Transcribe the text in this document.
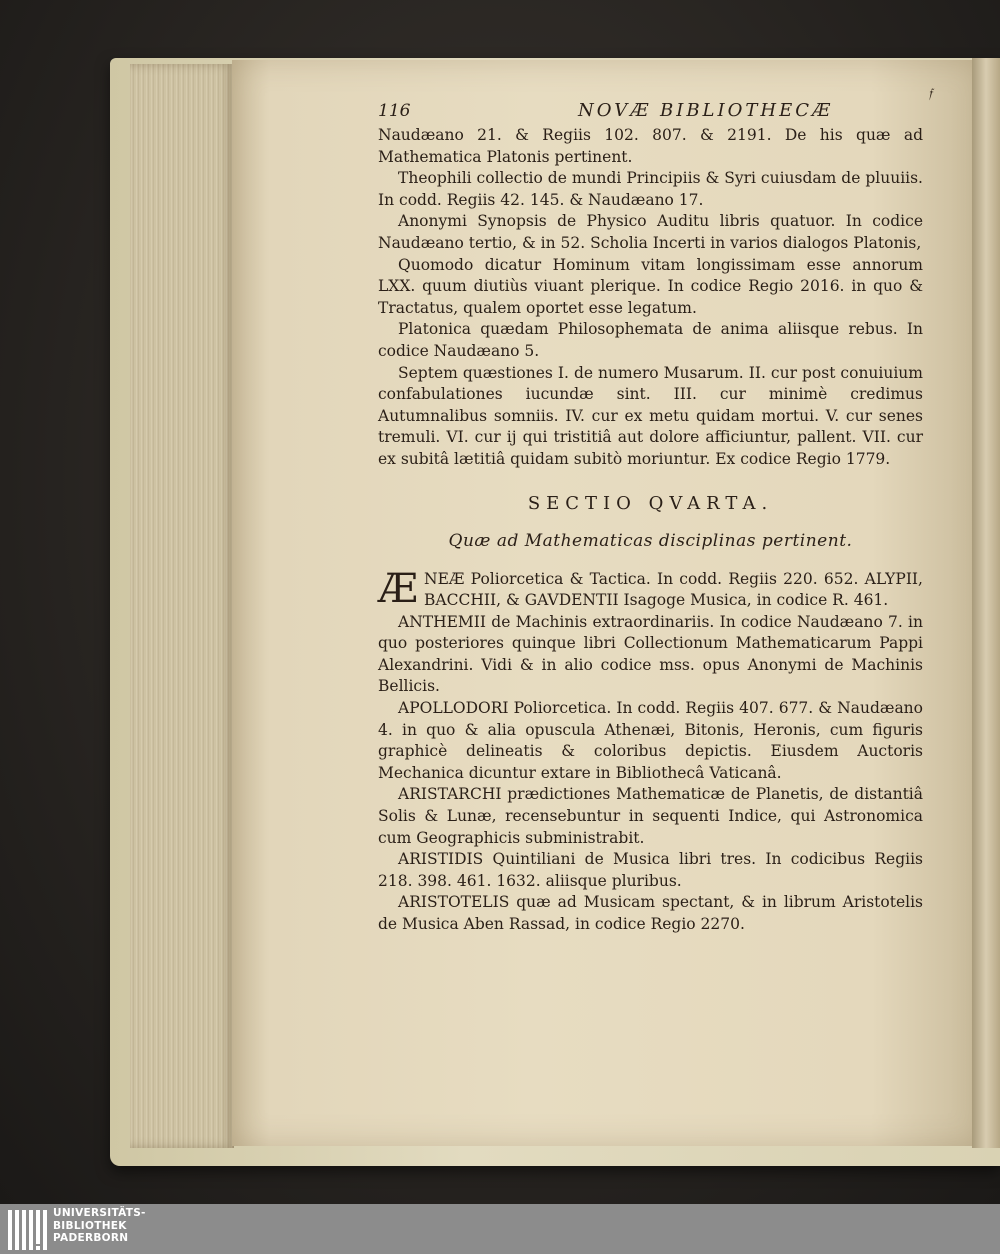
𝔣
116	NOVÆ BIBLIOTHECÆ

Naudæano 21. & Regiis 102. 807. & 2191. De his quæ ad Mathematica Platonis pertinent.

Theophili collectio de mundi Principiis & Syri cuiusdam de pluuiis. In codd. Regiis 42. 145. & Naudæano 17.

Anonymi Synopsis de Physico Auditu libris quatuor. In codice Naudæano tertio, & in 52. Scholia Incerti in varios dialogos Platonis,

Quomodo dicatur Hominum vitam longissimam esse annorum LXX. quum diutiùs viuant plerique. In codice Regio 2016. in quo & Tractatus, qualem oportet esse legatum.

Platonica quædam Philosophemata de anima aliisque rebus. In codice Naudæano 5.

Septem quæstiones I. de numero Musarum. II. cur post conuiuium confabulationes iucundæ sint. III. cur minimè credimus Autumnalibus somniis. IV. cur ex metu quidam mortui. V. cur senes tremuli. VI. cur ij qui tristitiâ aut dolore afficiuntur, pallent. VII. cur ex subitâ lætitiâ quidam subitò moriuntur. Ex codice Regio 1779.

SECTIO QVARTA.
Quæ ad Mathematicas disciplinas pertinent.

Æ NEÆ Poliorcetica & Tactica. In codd. Regiis 220. 652. ALYPII, BACCHII, & GAVDENTII Isagoge Musica, in codice R. 461.

ANTHEMII de Machinis extraordinariis. In codice Naudæano 7. in quo posteriores quinque libri Collectionum Mathematicarum Pappi Alexandrini. Vidi & in alio codice mss. opus Anonymi de Machinis Bellicis.

APOLLODORI Poliorcetica. In codd. Regiis 407. 677. & Naudæano 4. in quo & alia opuscula Athenæi, Bitonis, Heronis, cum figuris graphicè delineatis & coloribus depictis. Eiusdem Auctoris Mechanica dicuntur extare in Bibliothecâ Vaticanâ.

ARISTARCHI prædictiones Mathematicæ de Planetis, de distantiâ Solis & Lunæ, recensebuntur in sequenti Indice, qui Astronomica cum Geographicis subministrabit.

ARISTIDIS Quintiliani de Musica libri tres. In codicibus Regiis 218. 398. 461. 1632. aliisque pluribus.

ARISTOTELIS quæ ad Musicam spectant, & in librum Aristotelis de Musica Aben Rassad, in codice Regio 2270.

UNIVERSITÄTS-
BIBLIOTHEK
PADERBORN
